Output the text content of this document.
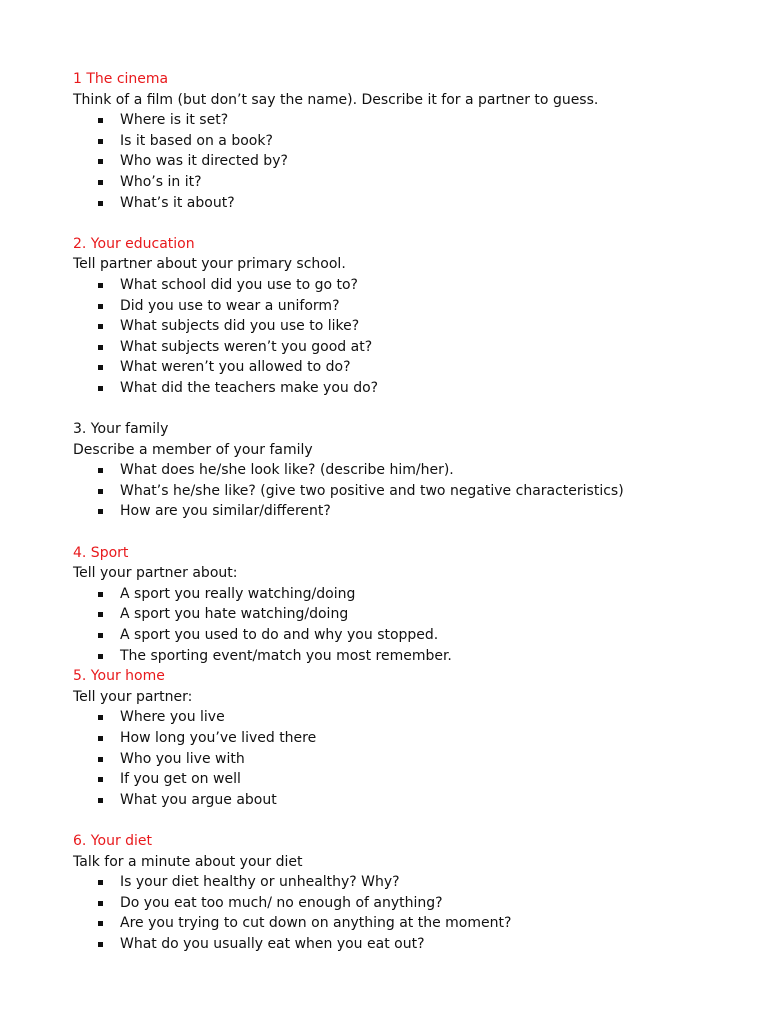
1 The cinema
Think of a film (but don’t say the name). Describe it for a partner to guess.
Where is it set?
Is it based on a book?
Who was it directed by?
Who’s in it?
What’s it about?
2. Your education
Tell partner about your primary school.
What school did you use to go to?
Did you use to wear a uniform?
What subjects did you use to like?
What subjects weren’t you good at?
What weren’t you allowed to do?
What did the teachers make you do?
3. Your family
Describe a member of your family
What does he/she look like? (describe him/her).
What’s he/she like? (give two positive and two negative characteristics)
How are you similar/different?
4. Sport
Tell your partner about:
A sport you really watching/doing
A sport you hate watching/doing
A sport you used to do and why you stopped.
The sporting event/match you most remember.
5. Your home
Tell your partner:
Where you live
How long you’ve lived there
Who you live with
If you get on well
What you argue about
6. Your diet
Talk for a minute about your diet
Is your diet healthy or unhealthy? Why?
Do you eat too much/ no enough of anything?
Are you trying to cut down on anything at the moment?
What do you usually eat when you eat out?
